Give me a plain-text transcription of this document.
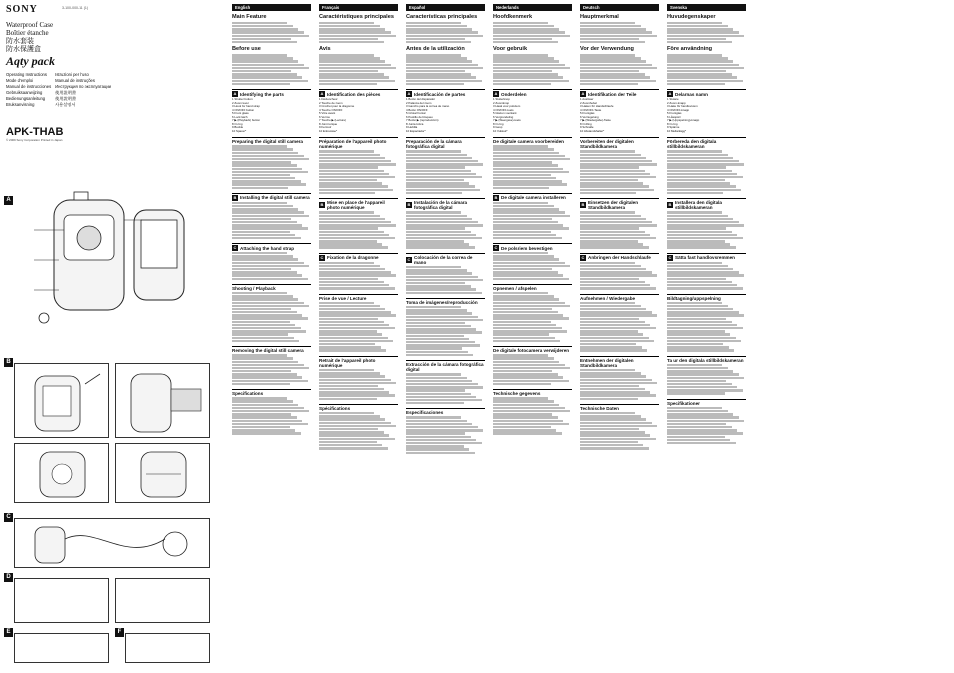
SONY	3-100-000-11 (1)
Waterproof Case
Boîtier étanche
防水套装
防水保護盒
Aqty pack
Operating Instructions
Mode d'emploi
Manual de instrucciones
Gebruiksaanwijzing
Bedienungsanleitung
Bruksanvisning
Istruzioni per l'uso
Manual de instruções
Инструкция по эксплуатации
使用説明書
使用說明書
사용설명서
APK-THAB
© 2009 Sony Corporation Printed in Japan
A
B
C
D
E	F
English
Main Feature
Before use
A Identifying the parts
1 Shutter button
2 Zoom lever
3 Hook for hand strap
4 ON/OFF button
5 Front glass
6 Lock latch
7 ▶ (Playback) button
8 O-ring
9 Buckle
10 Spacer*
Preparing the digital still camera
B Installing the digital still camera
C Attaching the hand strap
Shooting / Playback
Removing the digital still camera
Specifications
Français
Caractéristiques principales
Avis
A Identification des pièces
1 Déclencheur
2 Touche de zoom
3 Crochet pour la dragonne
4 Touche ON/OFF
5 Vitre avant
6 Verrou
7 Touche ▶ (Lecture)
8 Joint torique
9 Fermoir
10 Entretoise*
Préparation de l'appareil photo numérique
B Mise en place de l'appareil photo numérique
C Fixation de la dragonne
Prise de vue / Lecture
Retrait de l'appareil photo numérique
Spécifications
Español
Características principales
Antes de la utilización
A Identificación de partes
1 Botón del disparador
2 Palanca del zoom
3 Gancho para la correa de mano
4 Botón ON/OFF
5 Cristal frontal
6 Pestillo de bloqueo
7 Botón ▶ (reproducción)
8 Junta tórica
9 Hebilla
10 Espaciador*
Preparación de la cámara fotográfica digital
B Instalación de la cámara fotográfica digital
C Colocación de la correa de mano
Toma de imágenes/reproducción
Extracción de la cámara fotográfica digital
Especificaciones
Nederlands
Hoofdkenmerk
Voor gebruik
A Onderdelen
1 Sluiterknop
2 Zoomknop
3 Haak voor polsriem
4 ON/OFF-toets
5 Glazen voorkant
6 Vergrendeling
7 ▶ (Weergave)-toets
8 O-ring
9 Gesp
10 Vulstuk*
De digitale camera voorbereiden
B De digitale camera installeren
C De polsriem bevestigen
Opnemen / afspelen
De digitale fotocamera verwijderen
Technische gegevens
Deutsch
Hauptmerkmal
Vor der Verwendung
A Identifikation der Teile
1 Auslöser
2 Zoomhebel
3 Haken für Handschlaufe
4 ON/OFF-Taste
5 Frontglas
6 Verriegelung
7 ▶ (Wiedergabe)-Taste
8 O-Ring
9 Schnalle
10 Abstandshalter*
Vorbereiten der digitalen Standbildkamera
B Einsetzen der digitalen Standbildkamera
C Anbringen der Handschlaufe
Aufnehmen / Wiedergabe
Entnehmen der digitalen Standbildkamera
Technische Daten
Svenska
Huvudegenskaper
Före användning
A Delarnas namn
1 Slutare
2 Zoom-knapp
3 Hake för handlovsrem
4 ON/OFF-knapp
5 Frontglas
6 Låsspärr
7 ▶ (Uppspelning)-knapp
8 O-ring
9 Spänne
10 Mellanlägg*
Förbereda den digitala stillbildskameran
B Installera den digitala stillbildskameran
C Sätta fast handlovsremmen
Bildtagning/uppspelning
Ta ur den digitala stillbildskameran
Specifikationer
